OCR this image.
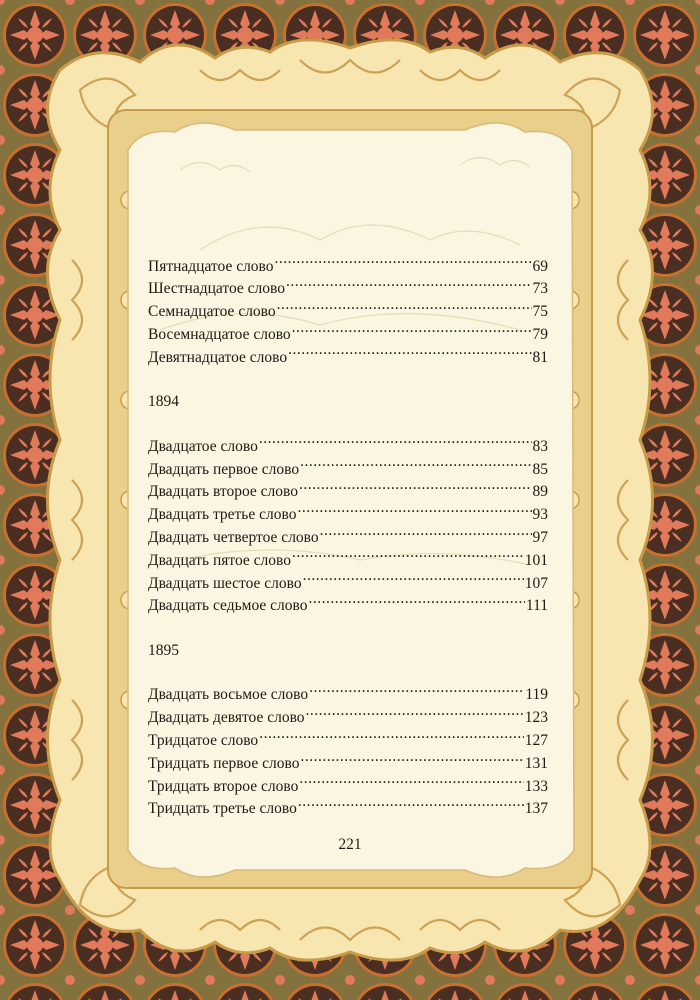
Пятнадцатое слово .....	69
Шестнадцатое слово .....	73
Семнадцатое слово .....	75
Восемнадцатое слово .....	79
Девятнадцатое слово .....	81
1894
Двадцатое слово .....	83
Двадцать первое слово .....	85
Двадцать второе слово .....	89
Двадцать третье слово .....	93
Двадцать четвертое слово .....	97
Двадцать пятое слово .....	101
Двадцать шестое слово .....	107
Двадцать седьмое слово .....	111
1895
Двадцать восьмое слово .....	119
Двадцать девятое слово .....	123
Тридцатое слово .....	127
Тридцать первое слово .....	131
Тридцать второе слово .....	133
Тридцать третье слово .....	137
221
